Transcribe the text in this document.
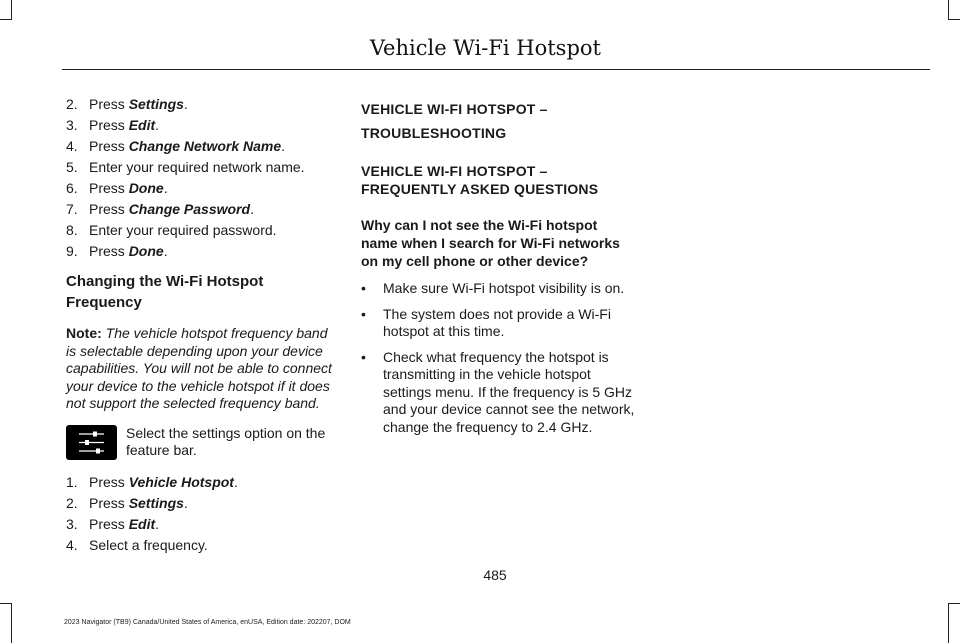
Vehicle Wi-Fi Hotspot
2. Press Settings.
3. Press Edit.
4. Press Change Network Name.
5. Enter your required network name.
6. Press Done.
7. Press Change Password.
8. Enter your required password.
9. Press Done.
Changing the Wi-Fi Hotspot Frequency
Note: The vehicle hotspot frequency band is selectable depending upon your device capabilities. You will not be able to connect your device to the vehicle hotspot if it does not support the selected frequency band.
Select the settings option on the feature bar.
1. Press Vehicle Hotspot.
2. Press Settings.
3. Press Edit.
4. Select a frequency.
VEHICLE WI-FI HOTSPOT –
TROUBLESHOOTING
VEHICLE WI-FI HOTSPOT – FREQUENTLY ASKED QUESTIONS
Why can I not see the Wi-Fi hotspot name when I search for Wi-Fi networks on my cell phone or other device?
•	Make sure Wi-Fi hotspot visibility is on.
•	The system does not provide a Wi-Fi hotspot at this time.
•	Check what frequency the hotspot is transmitting in the vehicle hotspot settings menu. If the frequency is 5 GHz and your device cannot see the network, change the frequency to 2.4 GHz.
485
2023 Navigator (TB9) Canada/United States of America, enUSA, Edition date: 202207, DOM
